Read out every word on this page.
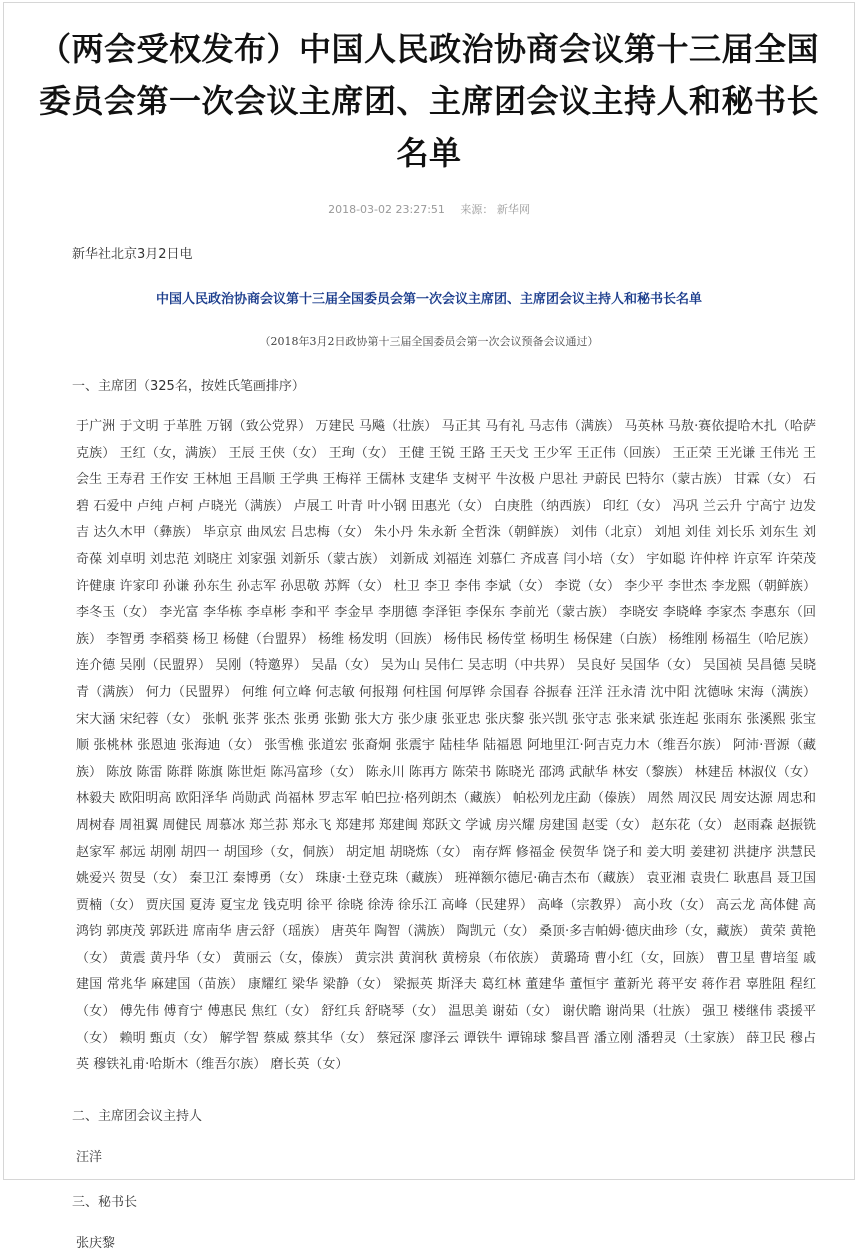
（两会受权发布）中国人民政治协商会议第十三届全国委员会第一次会议主席团、主席团会议主持人和秘书长名单
2018-03-02 23:27:51 来源： 新华网
新华社北京3月2日电
中国人民政治协商会议第十三届全国委员会第一次会议主席团、主席团会议主持人和秘书长名单
（2018年3月2日政协第十三届全国委员会第一次会议预备会议通过）
一、主席团（325名，按姓氏笔画排序）
于广洲 于文明 于革胜 万钢（致公党界） 万建民 马飚（壮族） 马正其 马有礼 马志伟（满族） 马英林 马敖·赛依提哈木扎（哈萨克族） 王红（女，满族） 王辰 王侠（女） 王珣（女） 王健 王锐 王路 王天戈 王少军 王正伟（回族） 王正荣 王光谦 王伟光 王会生 王寿君 王作安 王林旭 王昌顺 王学典 王梅祥 王儒林 支建华 支树平 牛汝极 户思社 尹蔚民 巴特尔（蒙古族） 甘霖（女） 石碧 石爱中 卢纯 卢柯 卢晓光（满族） 卢展工 叶青 叶小钢 田惠光（女） 白庚胜（纳西族） 印红（女） 冯巩 兰云升 宁高宁 边发吉 达久木甲（彝族） 毕京京 曲凤宏 吕忠梅（女） 朱小丹 朱永新 全哲洙（朝鲜族） 刘伟（北京） 刘旭 刘佳 刘长乐 刘东生 刘奇葆 刘卓明 刘忠范 刘晓庄 刘家强 刘新乐（蒙古族） 刘新成 刘福连 刘慕仁 齐成喜 闫小培（女） 宇如聪 许仲梓 许京军 许荣茂 许健康 许家印 孙谦 孙东生 孙志军 孙思敬 苏辉（女） 杜卫 李卫 李伟 李斌（女） 李谠（女） 李少平 李世杰 李龙熙（朝鲜族） 李冬玉（女） 李光富 李华栋 李卓彬 李和平 李金早 李朋德 李泽钜 李保东 李前光（蒙古族） 李晓安 李晓峰 李家杰 李惠东（回族） 李智勇 李稻葵 杨卫 杨健（台盟界） 杨维 杨发明（回族） 杨伟民 杨传堂 杨明生 杨保建（白族） 杨维刚 杨福生（哈尼族） 连介德 吴刚（民盟界） 吴刚（特邀界） 吴晶（女） 吴为山 吴伟仁 吴志明（中共界） 吴良好 吴国华（女） 吴国祯 吴昌德 吴晓青（满族） 何力（民盟界） 何维 何立峰 何志敏 何报翔 何柱国 何厚铧 佘国春 谷振春 汪洋 汪永清 沈中阳 沈德咏 宋海（满族） 宋大涵 宋纪蓉（女） 张帆 张荠 张杰 张勇 张勤 张大方 张少康 张亚忠 张庆黎 张兴凯 张守志 张来斌 张连起 张雨东 张溪熙 张宝顺 张桃林 张恩迪 张海迪（女） 张雪樵 张道宏 张裔炯 张震宇 陆桂华 陆福恩 阿地里江·阿吉克力木（维吾尔族） 阿沛·晋源（藏族） 陈放 陈雷 陈群 陈旗 陈世炬 陈冯富珍（女） 陈永川 陈再方 陈荣书 陈晓光 邵鸿 武献华 林安（黎族） 林建岳 林淑仪（女） 林毅夫 欧阳明高 欧阳泽华 尚勋武 尚福林 罗志军 帕巴拉·格列朗杰（藏族） 帕松列龙庄勐（傣族） 周然 周汉民 周安达源 周忠和 周树春 周祖翼 周健民 周慕冰 郑兰荪 郑永飞 郑建邦 郑建闽 郑跃文 学诚 房兴耀 房建国 赵雯（女） 赵东花（女） 赵雨森 赵振铣 赵家军 郝远 胡刚 胡四一 胡国珍（女，侗族） 胡定旭 胡晓炼（女） 南存辉 修福金 侯贺华 饶子和 姜大明 姜建初 洪捷序 洪慧民 姚爱兴 贺旻（女） 秦卫江 秦博勇（女） 珠康·土登克珠（藏族） 班禅额尔德尼·确吉杰布（藏族） 袁亚湘 袁贵仁 耿惠昌 聂卫国 贾楠（女） 贾庆国 夏涛 夏宝龙 钱克明 徐平 徐晓 徐涛 徐乐江 高峰（民建界） 高峰（宗教界） 高小玫（女） 高云龙 高体健 高鸿钧 郭庚茂 郭跃进 席南华 唐云舒（瑶族） 唐英年 陶智（满族） 陶凯元（女） 桑顶·多吉帕姆·德庆曲珍（女，藏族） 黄荣 黄艳（女） 黄震 黄丹华（女） 黄丽云（女，傣族） 黄宗洪 黄润秋 黄榜泉（布依族） 黄璐琦 曹小红（女，回族） 曹卫星 曹培玺 戚建国 常兆华 麻建国（苗族） 康耀红 梁华 梁静（女） 梁振英 斯泽夫 葛红林 董建华 董恒宇 董新光 蒋平安 蒋作君 辜胜阻 程红（女） 傅先伟 傅育宁 傅惠民 焦红（女） 舒红兵 舒晓琴（女） 温思美 谢茹（女） 谢伏瞻 谢尚果（壮族） 强卫 楼继伟 裘援平（女） 赖明 甄贞（女） 解学智 蔡威 蔡其华（女） 蔡冠深 廖泽云 谭铁牛 谭锦球 黎昌晋 潘立刚 潘碧灵（土家族） 薛卫民 穆占英 穆铁礼甫·哈斯木（维吾尔族） 磨长英（女）
二、主席团会议主持人
汪洋
三、秘书长
张庆黎
